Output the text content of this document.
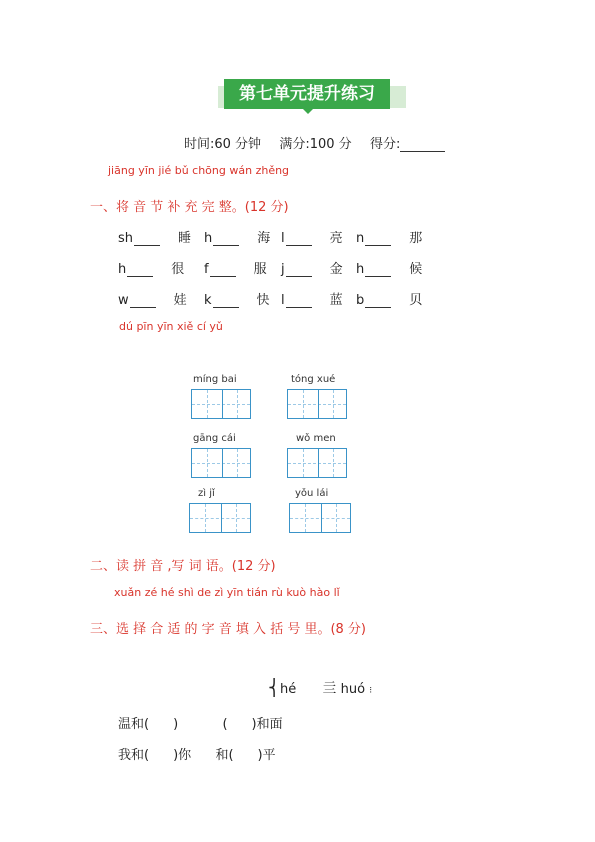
第七单元提升练习
时间:60 分钟 满分:100 分 得分:
jiāng yīn jié bǔ chōng wán zhěng
一、将 音 节 补 充 完 整。(12 分)
sh	睡 h	海 l	亮 n	那
h	很 f	服 j	金 h	候
w	娃 k	快 l	蓝 b	贝
dú pīn yīn xiě cí yǔ
míng bai	tóng xué
gāng cái	wǒ men
zì jǐ	yǒu lái
二、读 拼 音 ,写 词 语。(12 分)
xuǎn zé hé shì de zì yīn tián rù kuò hào lǐ
三、选 择 合 适 的 字 音 填 入 括 号 里。(8 分)
⎨hé 亖 huó ⁝
温和( )	( )和面
我和( )你 和( )平
